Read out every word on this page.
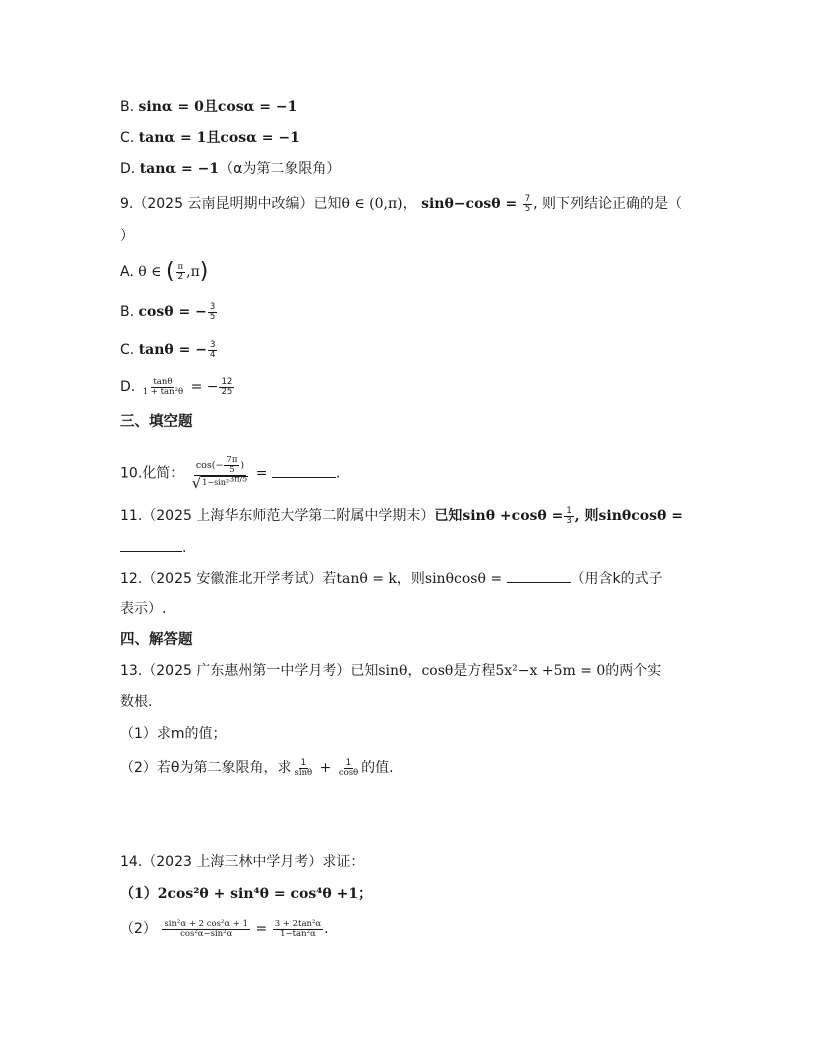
B. sinα = 0且cosα = −1
C. tanα = 1且cosα = −1
D. tanα = −1（α为第二象限角）
9.（2025 云南昆明期中改编）已知θ ∈ (0,π)， $\sin\theta-\cos\theta = \frac{7}{5}$ , 则下列结论正确的是（
）
A. θ ∈ ( $\frac{\pi}{2} ,\pi$)
B. cosθ = − $\frac{3}{5}$
C. tanθ = − $\frac{3}{4}$
D. $\frac{\tan\theta}{\text{1 + tan²θ}}$ = − $\frac{12}{25}$
三、填空题
10.化简： $\frac{\cos(- \frac{7\pi}{5} )}{√ 1-\sin^2^{3\pi/5}}$ =	.
11.（2025 上海华东师范大学第二附属中学期末）已知$\sin\theta +\cos\theta = \frac{1}{3}$ , 则sinθcosθ =
.
12.（2025 安徽淮北开学考试）若tanθ = k，则sinθcosθ =	（用含k的式子
表示）.
四、解答题
13.（2025 广东惠州第一中学月考）已知sinθ，cosθ是方程5x²−x +5m = 0的两个实
数根.
（1）求m的值；
（2）若θ为第二象限角，求 $\frac{1}{\sin\theta} + \frac{1}{\cos\theta}$ 的值.
14.（2023 上海三林中学月考）求证：
（1）2cos²θ + sin⁴θ = cos⁴θ +1；
$(2) \frac{\text{sin²α + 2 cos²α + 1}}{\text{cos²α−sin²α}} = \frac{\text{3 + 2tan²α}}{\text{1−tan²α}}$ .
